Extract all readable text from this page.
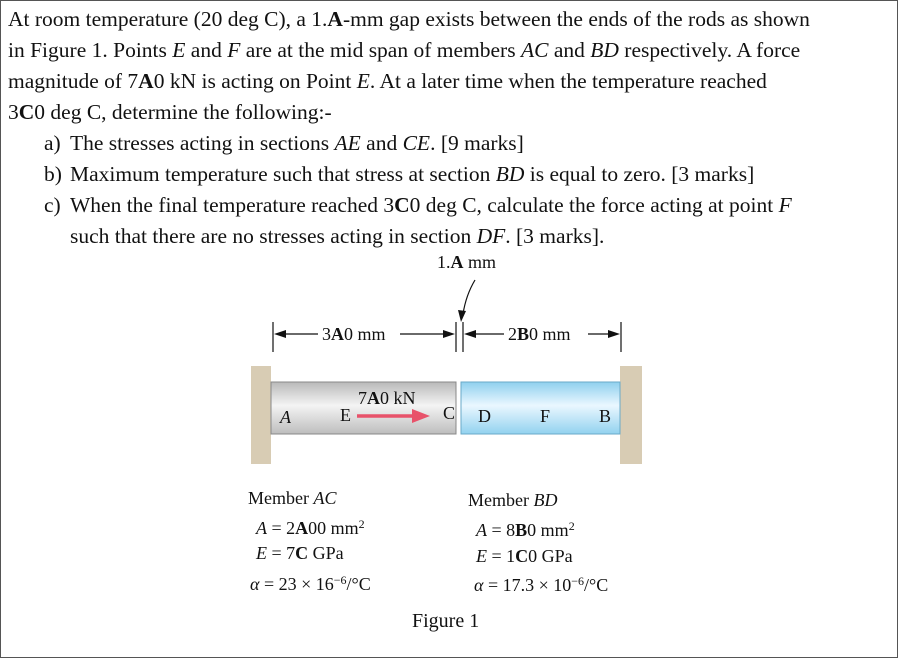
At room temperature (20 deg C), a 1.A-mm gap exists between the ends of the rods as shown
in Figure 1. Points E and F are at the mid span of members AC and BD respectively. A force
magnitude of 7A0 kN is acting on Point E. At a later time when the temperature reached
3C0 deg C, determine the following:-
a) The stresses acting in sections AE and CE. [9 marks]
b) Maximum temperature such that stress at section BD is equal to zero. [3 marks]
c) When the final temperature reached 3C0 deg C, calculate the force acting at point F
such that there are no stresses acting in section DF. [3 marks].
1.A mm
3A0 mm	2B0 mm
7A0 kN
A	E	C D	F	B
Member AC
A = 2A00 $mm^2$
E = 7C GPa
$\alpha = 23 \times 16^{-6}/^\circ C$
Member BD
A = 8B0 $mm^2$
E = 1C0 GPa
$\alpha = 17.3 \times 10^{-6}/^\circ C$
Figure 1
